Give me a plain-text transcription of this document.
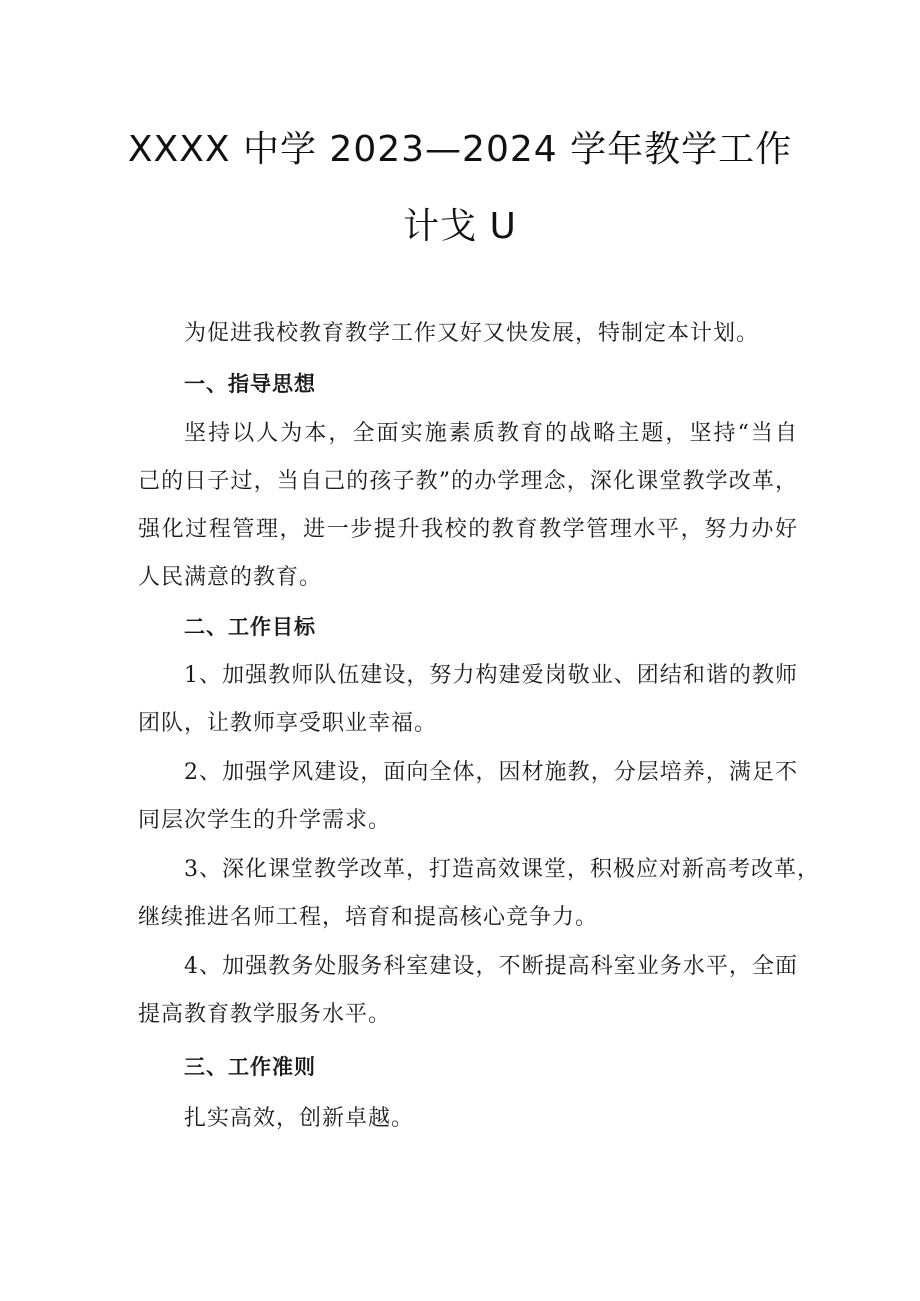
XXXX 中学 2023—2024 学年教学工作
计戈 U
为促进我校教育教学工作又好又快发展，特制定本计划。
一、指导思想
坚持以人为本，全面实施素质教育的战略主题，坚持“当自
己的日子过，当自己的孩子教”的办学理念，深化课堂教学改革，
强化过程管理，进一步提升我校的教育教学管理水平，努力办好
人民满意的教育。
二、工作目标
1、加强教师队伍建设，努力构建爱岗敬业、团结和谐的教师
团队，让教师享受职业幸福。
2、加强学风建设，面向全体，因材施教，分层培养，满足不
同层次学生的升学需求。
3、深化课堂教学改革，打造高效课堂，积极应对新高考改革，
继续推进名师工程，培育和提高核心竞争力。
4、加强教务处服务科室建设，不断提高科室业务水平，全面
提高教育教学服务水平。
三、工作准则
扎实高效，创新卓越。
